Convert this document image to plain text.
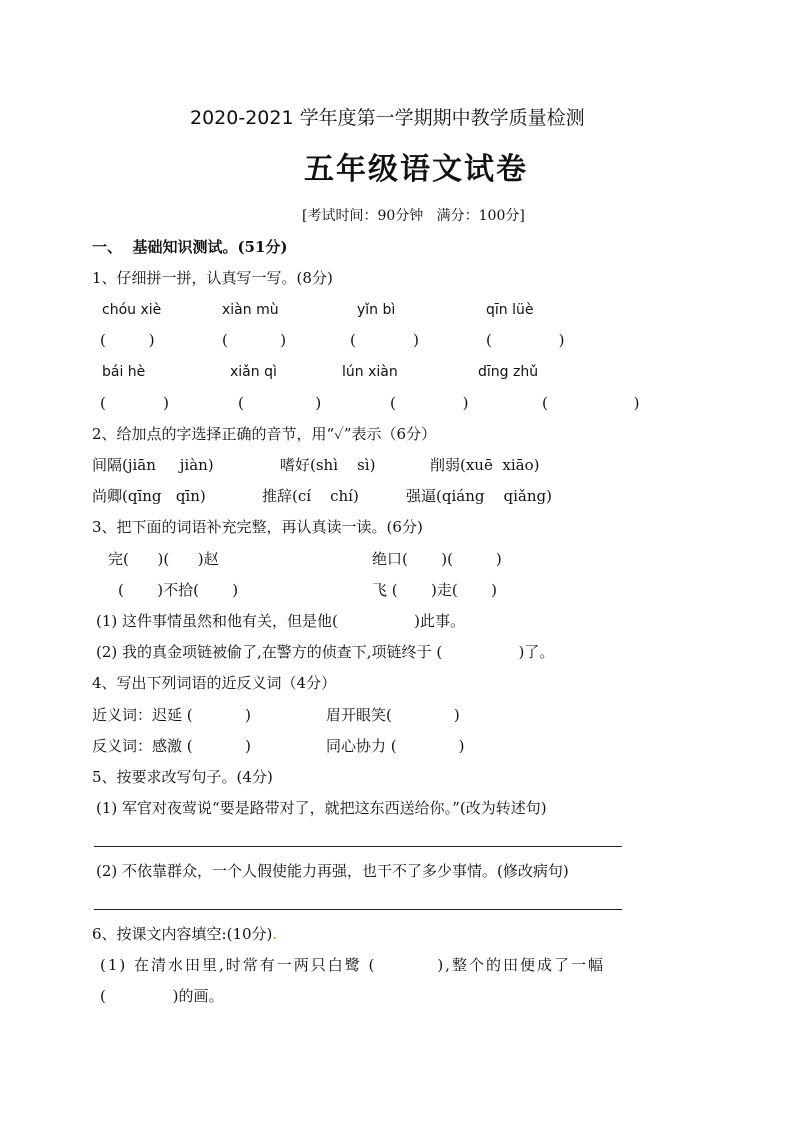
2020-2021 学年度第一学期期中教学质量检测
五年级语文试卷
[考试时间：90分钟   满分：100分]
一、  基础知识测试。(51分)
1、仔细拼一拼，认真写一写。(8分)
chóu xiè	xiàn mù	yǐn bì	qīn lüè
(         )	(           )	(            )	(              )
bái hè	xiǎn qì	lún xiàn	dīng zhǔ
(            )	(               )	(              )	(                  )
2、给加点的字选择正确的音节，用“✓”表示（6分）
间隔(jiān     jiàn)	嗜好(shì    sì)	削弱(xuē  xiāo)
尚卿(qīng   qīn)	推辞(cí    chí)	强逼(qiáng    qiǎng)
3、把下面的词语补充完整，再认真读一读。(6分)
完(      )(      )赵	绝口(       )(         )
(       )不拾(       )	飞 (       )走(       )
(1) 这件事情虽然和他有关，但是他(                )此事。
(2) 我的真金项链被偷了,在警方的侦查下,项链终于 (                )了。
4、写出下列词语的近反义词（4分）
近义词：迟延 (           )	眉开眼笑(             )
反义词：感激 (           )	同心协力 (             )
5、按要求改写句子。(4分)
(1) 军官对夜莺说“要是路带对了，就把这东西送给你。”(改为转述句)
(2) 不依靠群众，一个人假使能力再强，也干不了多少事情。(修改病句)
6、按课文内容填空:(10分).
(1) 在清水田里,时常有一两只白鹭 (         ),整个的田便成了一幅
(              )的画。
